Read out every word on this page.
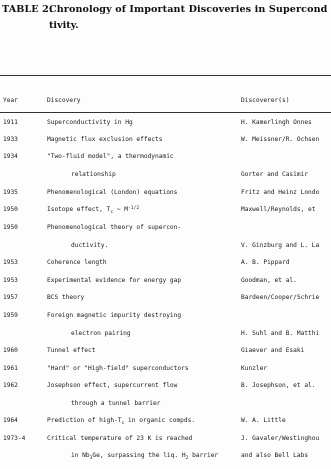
TABLE 2:Chronology of Important Discoveries in Supercond
tivity.
Year	Discovery	Discoverer(s)
1911	Superconductivity in Hg	H. Kamerlingh Onnes
1933	Magnetic flux exclusion effects	W. Meissner/R. Ochsen
1934	"Two-fluid model", a thermodynamic
relationship	Gorter and Casimir
1935	Phenomenological (London) equations	Fritz and Heinz Londo
1950	Isotope effect, $T_c$ ~ $M^{-1/2}$	Maxwell/Reynolds, et
1950	Phenomenological theory of supercon-
ductivity.	V. Ginzburg and L. La
1953	Coherence length	A. B. Pippard
1953	Experimental evidence for energy gap	Goodman, et al.
1957	BCS theory	Bardeen/Cooper/Schrie
1959	Foreign magnetic impurity destroying
electron pairing	H. Suhl and B. Matthi
1960	Tunnel effect	Giaever and Esaki
1961	"Hard" or "High-field" superconductors	Kunzler
1962	Josephson effect, supercurrent flow	B. Josephson, et al.
through a tunnel barrier
1964	Prediction of high-$T_c$ in organic compds.	W. A. Little
1973-4	Critical temperature of 23 K is reached	J. Gavaler/Westinghou
in $Nb_3Ge$, surpassing the liq. $H_2$ barrier	and also Bell Labs
